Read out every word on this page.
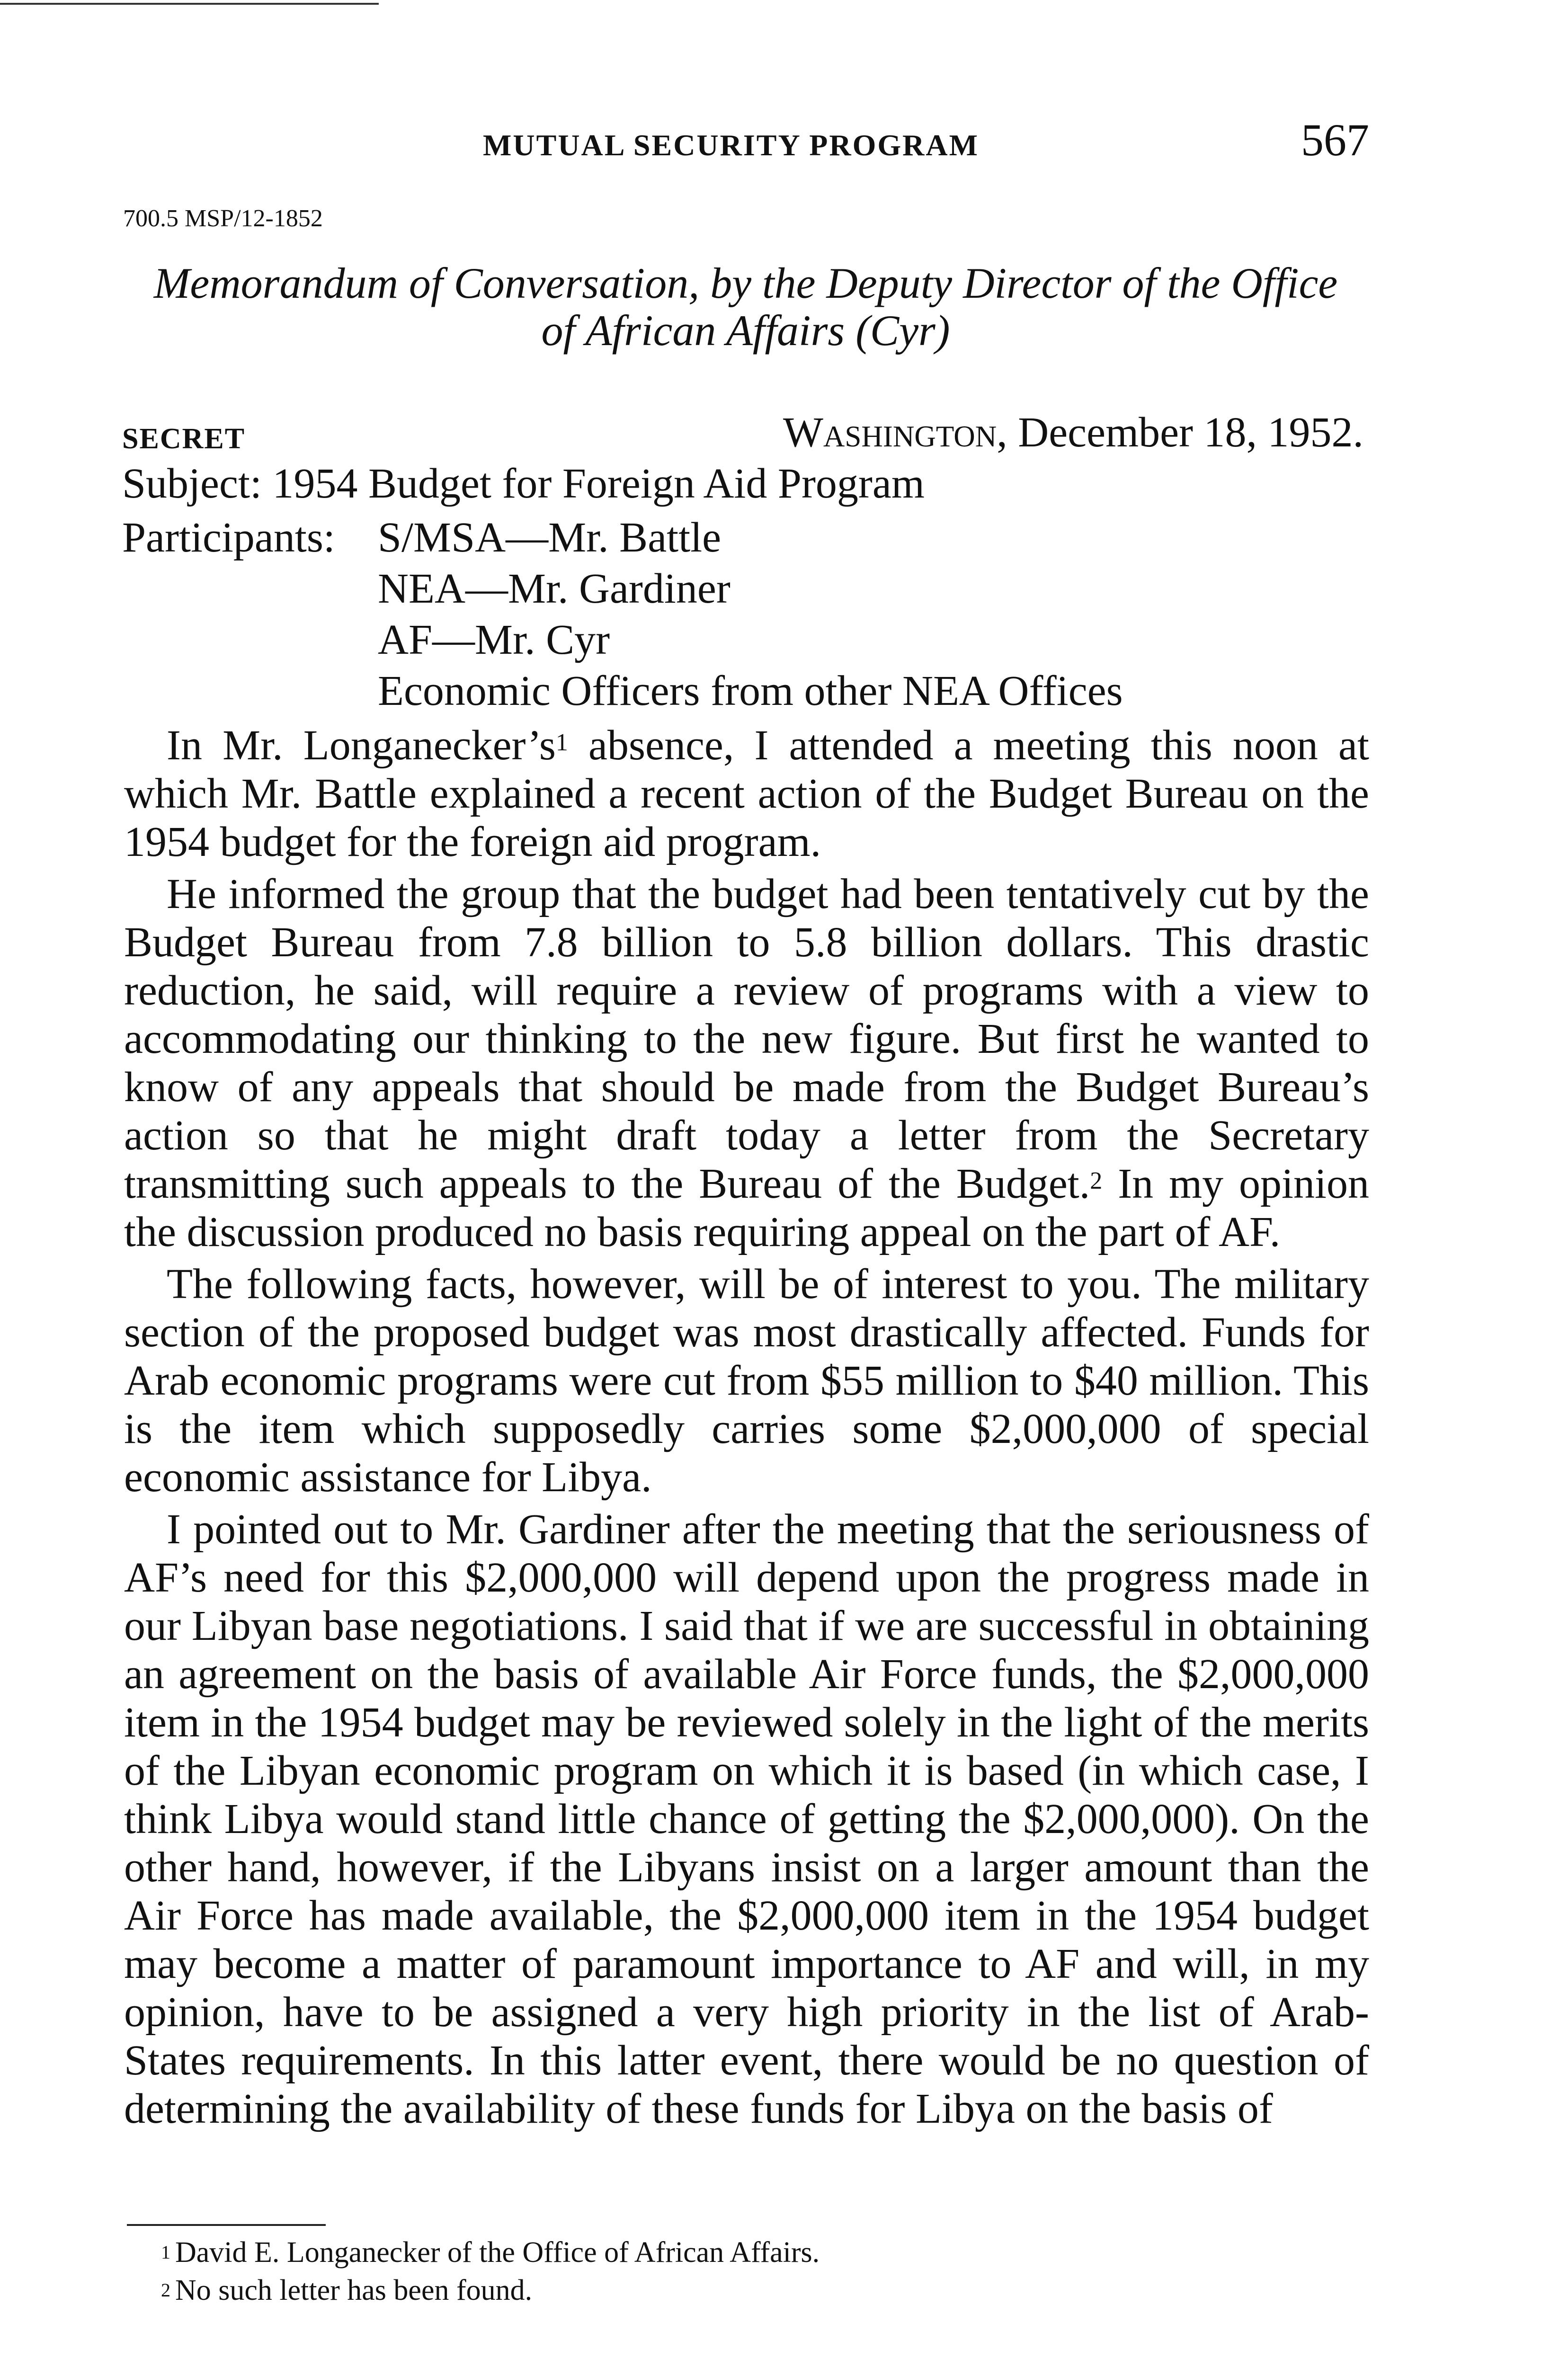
MUTUAL SECURITY PROGRAM	567
700.5 MSP/12-1852
Memorandum of Conversation, by the Deputy Director of the Office
of African Affairs (Cyr)
SECRET	Washington, December 18, 1952.
Subject: 1954 Budget for Foreign Aid Program
Participants: S/MSA—Mr. Battle
NEA—Mr. Gardiner
AF—Mr. Cyr
Economic Officers from other NEA Offices

In Mr. $Longanecker’s^1$ absence, I attended a meeting this noon at which Mr. Battle explained a recent action of the Budget Bureau on the 1954 budget for the foreign aid program.

He informed the group that the budget had been tentatively cut by the Budget Bureau from 7.8 billion to 5.8 billion dollars. This drastic reduction, he said, will require a review of programs with a view to accommodating our thinking to the new figure. But first he wanted to know of any appeals that should be made from the Budget Bureau’s action so that he might draft today a letter from the Secretary transmitting such appeals to the Bureau of the Budget.$^2$ In my opinion the discussion produced no basis requiring appeal on the part of AF.

The following facts, however, will be of interest to you. The military section of the proposed budget was most drastically affected. Funds for Arab economic programs were cut from $55 million to $40 million. This is the item which supposedly carries some $2,000,000 of special economic assistance for Libya.

I pointed out to Mr. Gardiner after the meeting that the seriousness of AF’s need for this $2,000,000 will depend upon the progress made in our Libyan base negotiations. I said that if we are successful in obtaining an agreement on the basis of available Air Force funds, the $2,000,000 item in the 1954 budget may be reviewed solely in the light of the merits of the Libyan economic program on which it is based (in which case, I think Libya would stand little chance of getting the $2,000,000). On the other hand, however, if the Libyans insist on a larger amount than the Air Force has made available, the $2,000,000 item in the 1954 budget may become a matter of paramount importance to AF and will, in my opinion, have to be assigned a very high priority in the list of Arab-States requirements. In this latter event, there would be no question of determining the availability of these funds for Libya on the basis of

$^1$ David E. Longanecker of the Office of African Affairs.
$^2$ No such letter has been found.
